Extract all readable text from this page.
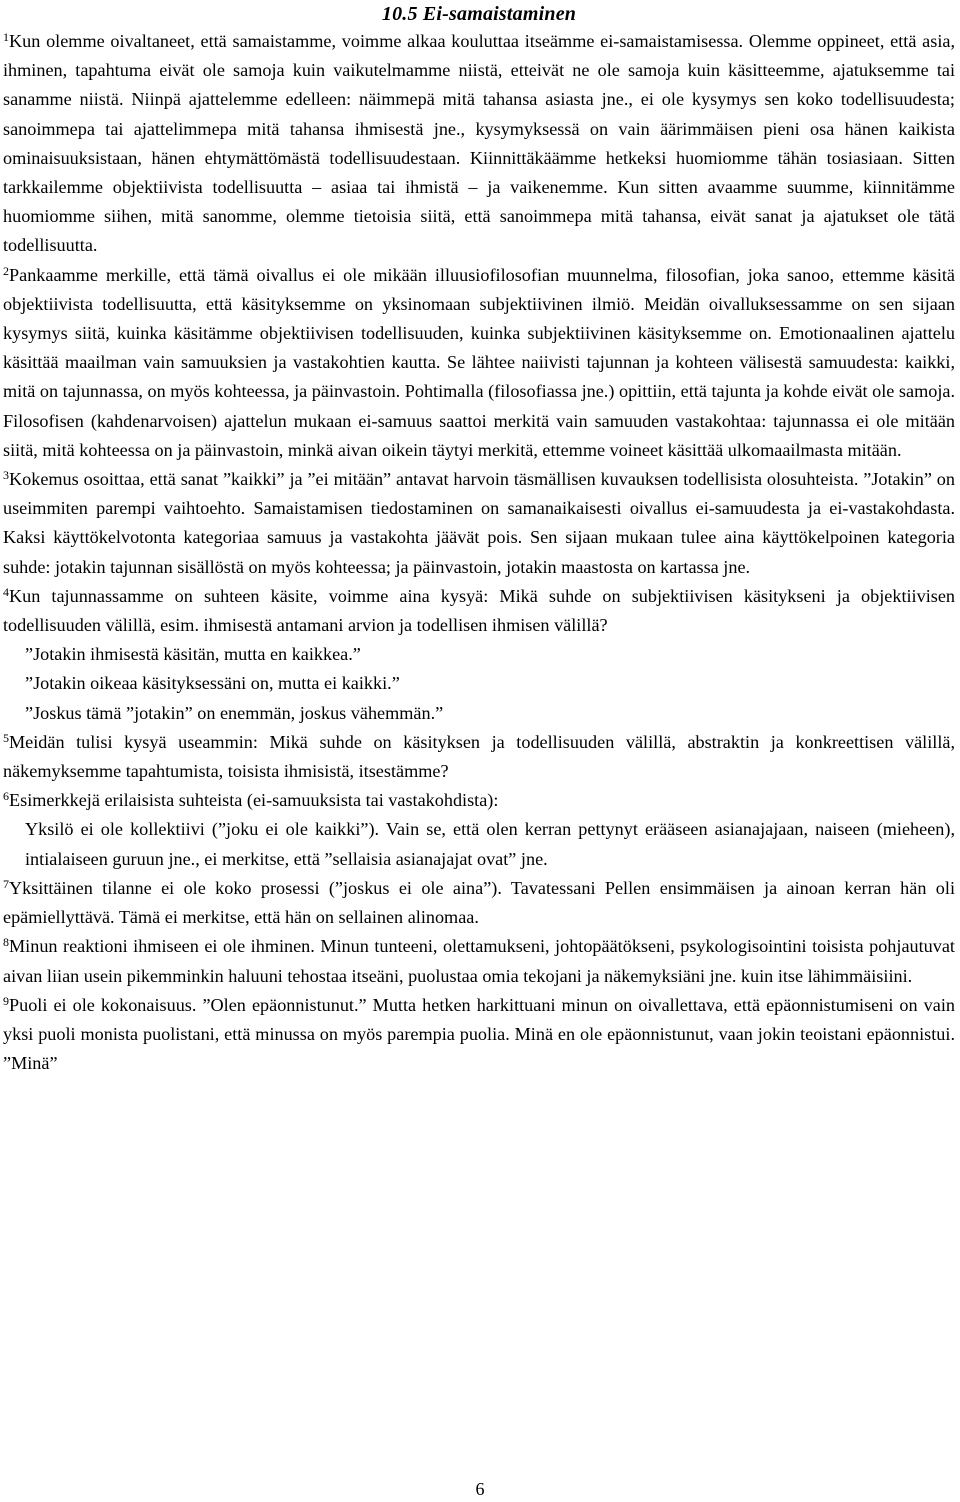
10.5 Ei-samaistaminen

$^1$Kun olemme oivaltaneet, että samaistamme, voimme alkaa kouluttaa itseämme ei-samaistamisessa. Olemme oppineet, että asia, ihminen, tapahtuma eivät ole samoja kuin vaikutelmamme niistä, etteivät ne ole samoja kuin käsitteemme, ajatuksemme tai sanamme niistä. Niinpä ajattelemme edelleen: näimmepä mitä tahansa asiasta jne., ei ole kysymys sen koko todellisuudesta; sanoimmepa tai ajattelimmepa mitä tahansa ihmisestä jne., kysymyksessä on vain äärimmäisen pieni osa hänen kaikista ominaisuuksistaan, hänen ehtymättömästä todellisuudestaan. Kiinnittäkäämme hetkeksi huomiomme tähän tosiasiaan. Sitten tarkkailemme objektiivista todellisuutta – asiaa tai ihmistä – ja vaikenemme. Kun sitten avaamme suumme, kiinnitämme huomiomme siihen, mitä sanomme, olemme tietoisia siitä, että sanoimmepa mitä tahansa, eivät sanat ja ajatukset ole tätä todellisuutta.

$^2$Pankaamme merkille, että tämä oivallus ei ole mikään illuusiofilosofian muunnelma, filosofian, joka sanoo, ettemme käsitä objektiivista todellisuutta, että käsityksemme on yksinomaan subjektiivinen ilmiö. Meidän oivalluksessamme on sen sijaan kysymys siitä, kuinka käsitämme objektiivisen todellisuuden, kuinka subjektiivinen käsityksemme on. Emotionaalinen ajattelu käsittää maailman vain samuuksien ja vastakohtien kautta. Se lähtee naiivisti tajunnan ja kohteen välisestä samuudesta: kaikki, mitä on tajunnassa, on myös kohteessa, ja päinvastoin. Pohtimalla (filosofiassa jne.) opittiin, että tajunta ja kohde eivät ole samoja. Filosofisen (kahdenarvoisen) ajattelun mukaan ei-samuus saattoi merkitä vain samuuden vastakohtaa: tajunnassa ei ole mitään siitä, mitä kohteessa on ja päinvastoin, minkä aivan oikein täytyi merkitä, ettemme voineet käsittää ulkomaailmasta mitään.

$^3$Kokemus osoittaa, että sanat ”kaikki” ja ”ei mitään” antavat harvoin täsmällisen kuvauksen todellisista olosuhteista. ”Jotakin” on useimmiten parempi vaihtoehto. Samaistamisen tiedostaminen on samanaikaisesti oivallus ei-samuudesta ja ei-vastakohdasta. Kaksi käyttökelvotonta kategoriaa samuus ja vastakohta jäävät pois. Sen sijaan mukaan tulee aina käyttökelpoinen kategoria suhde: jotakin tajunnan sisällöstä on myös kohteessa; ja päinvastoin, jotakin maastosta on kartassa jne.

$^4$Kun tajunnassamme on suhteen käsite, voimme aina kysyä: Mikä suhde on subjektiivisen käsitykseni ja objektiivisen todellisuuden välillä, esim. ihmisestä antamani arvion ja todellisen ihmisen välillä?

”Jotakin ihmisestä käsitän, mutta en kaikkea.”

”Jotakin oikeaa käsityksessäni on, mutta ei kaikki.”

”Joskus tämä ”jotakin” on enemmän, joskus vähemmän.”

$^5$Meidän tulisi kysyä useammin: Mikä suhde on käsityksen ja todellisuuden välillä, abstraktin ja konkreettisen välillä, näkemyksemme tapahtumista, toisista ihmisistä, itsestämme?

$^6$Esimerkkejä erilaisista suhteista (ei-samuuksista tai vastakohdista):

Yksilö ei ole kollektiivi (”joku ei ole kaikki”). Vain se, että olen kerran pettynyt erääseen asianajajaan, naiseen (mieheen), intialaiseen guruun jne., ei merkitse, että ”sellaisia asianajajat ovat” jne.

$^7$Yksittäinen tilanne ei ole koko prosessi (”joskus ei ole aina”). Tavatessani Pellen ensimmäisen ja ainoan kerran hän oli epämiellyttävä. Tämä ei merkitse, että hän on sellainen alinomaa.

$^8$Minun reaktioni ihmiseen ei ole ihminen. Minun tunteeni, olettamukseni, johtopäätökseni, psykologisointini toisista pohjautuvat aivan liian usein pikemminkin haluuni tehostaa itseäni, puolustaa omia tekojani ja näkemyksiäni jne. kuin itse lähimmäisiini.

$^9$Puoli ei ole kokonaisuus. ”Olen epäonnistunut.” Mutta hetken harkittuani minun on oivallettava, että epäonnistumiseni on vain yksi puoli monista puolistani, että minussa on myös parempia puolia. Minä en ole epäonnistunut, vaan jokin teoistani epäonnistui. ”Minä”

6
